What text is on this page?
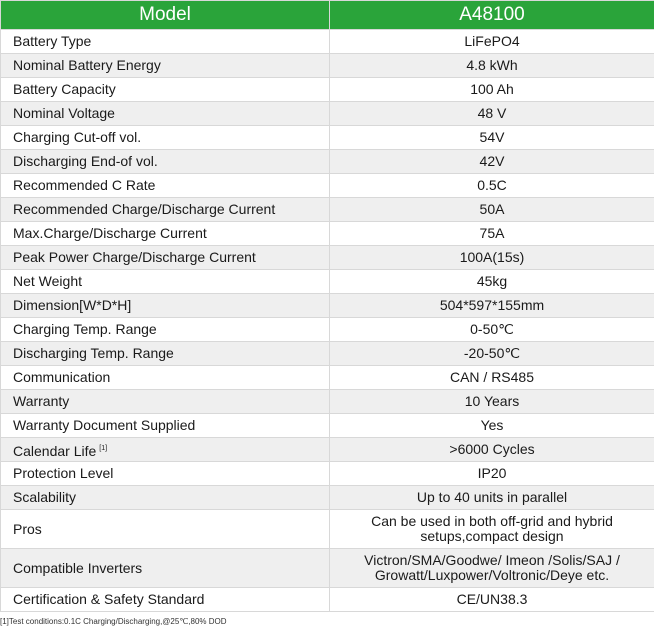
Model	A48100
Battery Type	LiFePO4
Nominal Battery Energy	4.8 kWh
Battery Capacity	100 Ah
Nominal Voltage	48 V
Charging Cut-off vol.	54V
Discharging End-of vol.	42V
Recommended C Rate	0.5C
Recommended Charge/Discharge Current	50A
Max.Charge/Discharge Current	75A
Peak Power Charge/Discharge Current	100A(15s)
Net Weight	45kg
Dimension[W*D*H]	504*597*155mm
Charging Temp. Range	0-50℃
Discharging Temp. Range	-20-50℃
Communication	CAN / RS485
Warranty	10 Years
Warranty Document Supplied	Yes
Calendar Life [1]	>6000 Cycles
Protection Level	IP20
Scalability	Up to 40 units in parallel
Pros	Can be used in both off-grid and hybrid
setups,compact design
Compatible Inverters	Victron/SMA/Goodwe/ Imeon /Solis/SAJ /
Growatt/Luxpower/Voltronic/Deye etc.
Certification & Safety Standard	CE/UN38.3
[1]Test conditions:0.1C Charging/Discharging,@25℃,80% DOD
